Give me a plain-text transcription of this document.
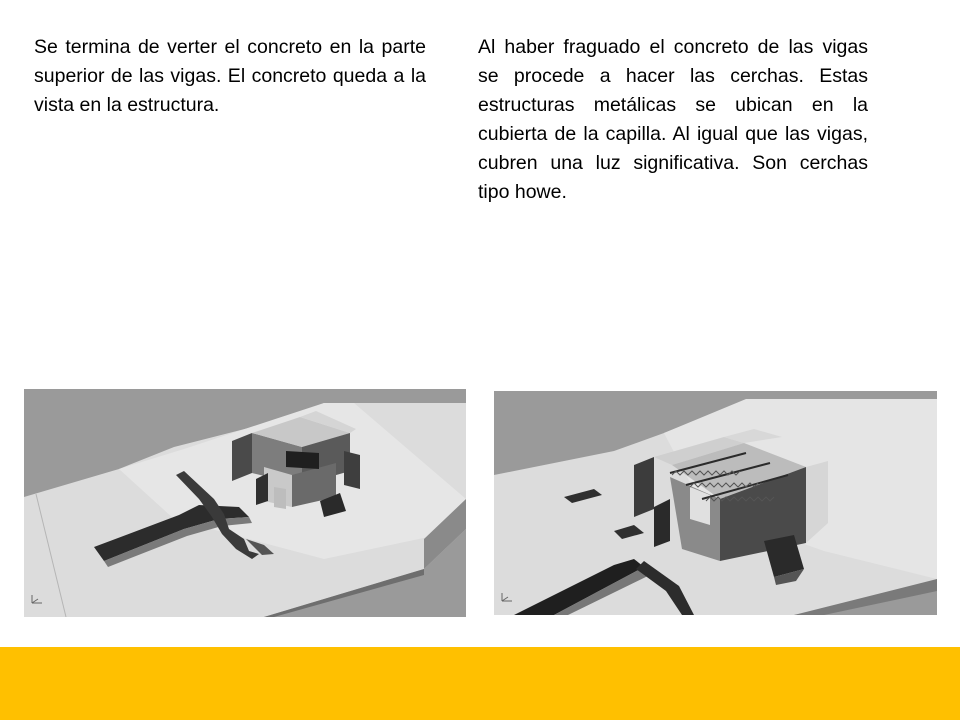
Se termina de verter el concreto en la parte superior de las vigas. El concreto queda a la vista en la estructura.

Al haber fraguado el concreto de las vigas se procede a hacer las cerchas. Estas estructuras metálicas se ubican en la cubierta de la capilla. Al igual que las vigas, cubren una luz significativa. Son cerchas tipo howe.
